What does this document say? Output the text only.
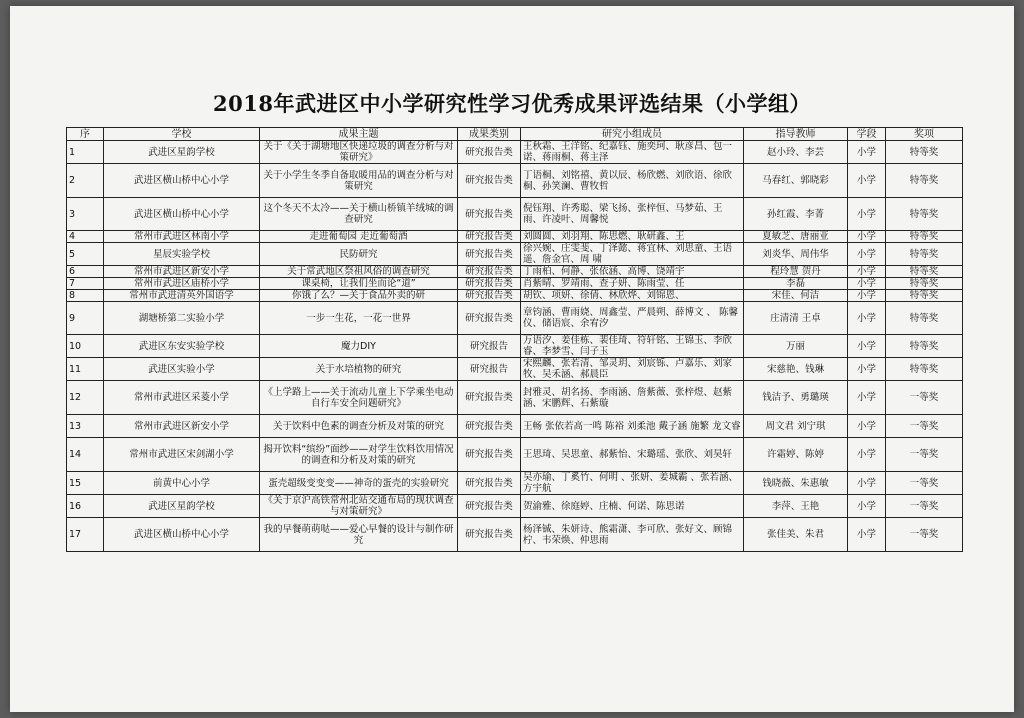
2018年武进区中小学研究性学习优秀成果评选结果（小学组）
序	学校	成果主题	成果类别	研究小组成员	指导教师	学段	奖项
1	武进区星韵学校	关于《关于湖塘地区快递垃圾的调查分析与对策研究》	研究报告类	王秋霜、王洋铭、纪嘉钰、施奕珂、耿彦昌、包一诺、蒋雨桐、蒋主泽	赵小玲、李芸	小学	特等奖
2	武进区横山桥中心小学	关于小学生冬季自备取暖用品的调查分析与对策研究	研究报告类	丁语桐、刘铭禧、黄以辰、杨欣燃、刘欣语、徐欣桐、孙笑澜、曹牧哲	马春红、郭晓彩	小学	特等奖
3	武进区横山桥中心小学	这个冬天不太冷——关于横山桥镇羊绒城的调查研究	研究报告类	倪钰翔、许秀聪、梁飞扬、张梓恒、马梦茹、王雨、许凌叶、周馨悦	孙红霞、李菁	小学	特等奖
4	常州市武进区林南小学	走进葡萄园 走近葡萄酒	研究报告类	刘圆圆、刘羽翔、陈思燃、耿研鑫、王	夏敏芝、唐丽亚	小学	特等奖
5	星辰实验学校	民防研究	研究报告类	徐兴婉、庄雯斐、丁泽懿、蒋宜林、刘思童、王语遥、詹金官、周 啸	刘炎华、周伟华	小学	特等奖
6	常州市武进区新安小学	关于常武地区祭祖风俗的调查研究	研究报告类	丁雨柏、何静、张依涵、高博、饶靖宇	程玲慧 贺丹	小学	特等奖
7	常州市武进区庙桥小学	课桌椅，让我们坐而论“道”	研究报告类	肖紫晴、罗靖雨、查子妍、陈雨莹、任	李磊	小学	特等奖
8	常州市武进清英外国语学	你饿了么？—关于食品外卖的研	研究报告类	胡钦、项妍、徐倩、林欣烨、刘锦恩、	宋佳、何洁	小学	特等奖
9	湖塘桥第二实验小学	一步一生花，一花一世界	研究报告类	章钧涵、曹雨娆、周鑫莹、严晨朔、薛博文 、 陈馨仪、储语宸、余宥汐	庄清清 王卓	小学	特等奖
10	武进区东安实验学校	魔力DIY	研究报告	万语汐、姜佳栋、裴佳琦、符轩铭、王锦玉、李欣睿、李梦雪、闫子玉	万丽	小学	特等奖
11	武进区实验小学	关于水培植物的研究	研究报告	宋熙麟、张若清、邹灵玥、刘宸铄、卢嘉乐、刘家牧、吴禾涵、郝晨臣	宋慈艳、钱琳	小学	特等奖
12	常州市武进区采菱小学	《上学路上——关于流动儿童上下学乘坐电动自行车安全问题研究》	研究报告类	封雅灵、胡名扬、李雨涵、詹紫薇、张梓煜、赵紫涵、宋鹏辉、石紫璇	钱洁予、勇璐瑛	小学	一等奖
13	常州市武进区新安小学	关于饮料中色素的调查分析及对策的研究	研究报告类	王畅 张依若高一鸣 陈裕 刘柔池 戴子涵 施繁 龙文睿	周文君 刘宁琪	小学	一等奖
14	常州市武进区宋剑湖小学	揭开饮料“缤纷”面纱——对学生饮料饮用情况的调查和分析及对策的研究	研究报告类	王思琦、吴思童、郝紫怡、宋璐瑶、张欣、刘昊轩	许霜婷、陈婷	小学	一等奖
15	前黄中心小学	蛋壳超级变变变——神奇的蛋壳的实验研究	研究报告类	吴亦瑜、丁奚竹、何明 、张妍、姜城霸 、张若涵、方宇航	钱晓薇、朱惠敏	小学	一等奖
16	武进区星韵学校	《关于京沪高铁常州北站交通布局的现状调查与对策研究》	研究报告类	贺渝雅、徐庭婷、庄楠、何诺、陈思诺	李萍、王艳	小学	一等奖
17	武进区横山桥中心小学	我的早餐萌萌哒——爱心早餐的设计与制作研究	研究报告类	杨泽铖、朱妍诗、熊霜潇、李可欣、张好文、顾锦柠、韦荣焕、仲思雨	张佳美、朱君	小学	一等奖
